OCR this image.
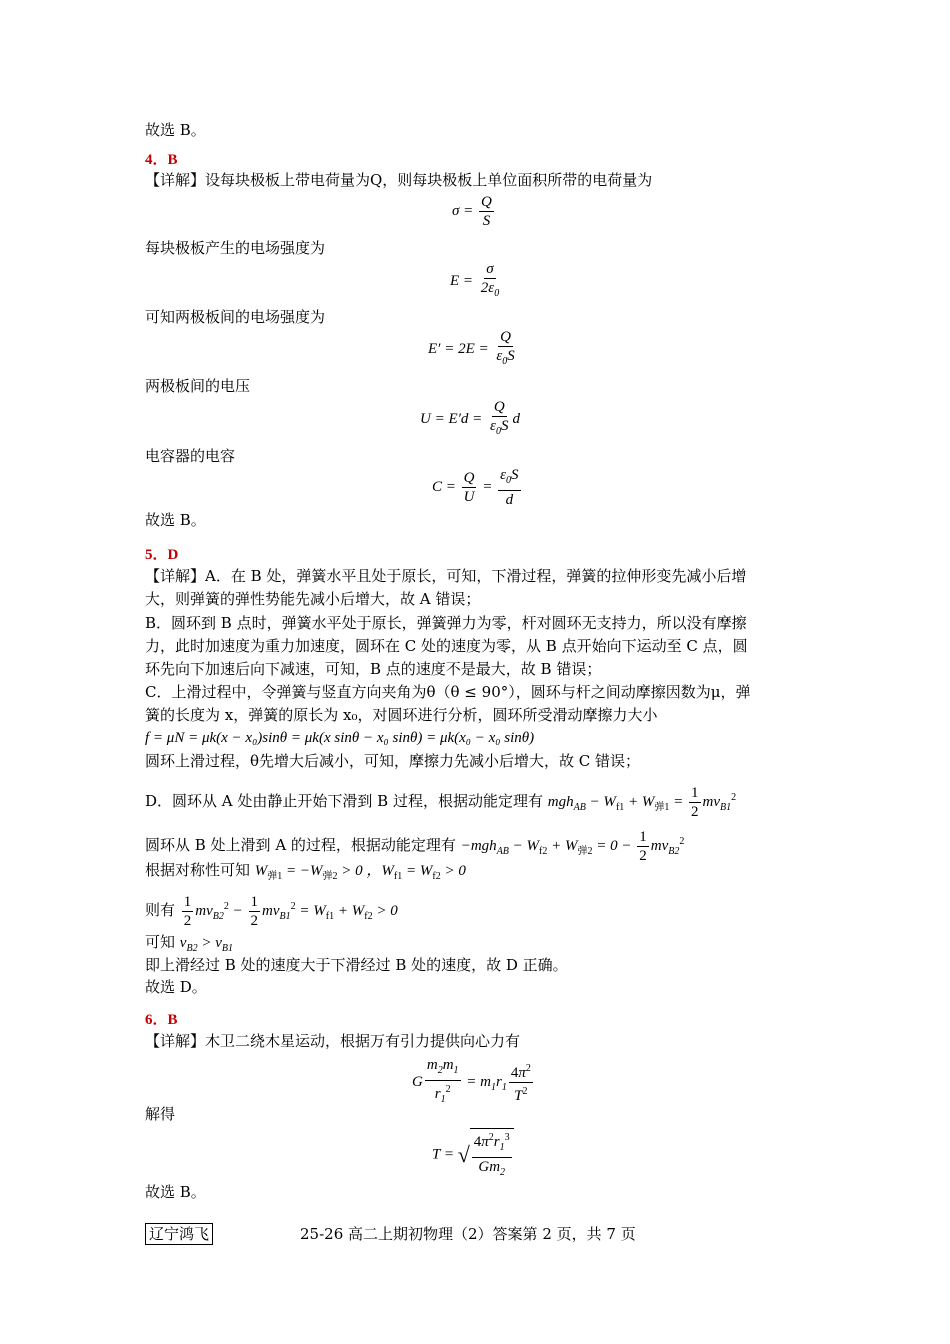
故选 B。
4．B
【详解】设每块极板上带电荷量为Q，则每块极板上单位面积所带的电荷量为
$\sigma = \frac{Q}{S}$
每块极板产生的电场强度为
$E = \frac{\sigma}{2\varepsilon_0}$
可知两极板间的电场强度为
$E' = 2E = \frac{Q}{\varepsilon_0S}$
两极板间的电压
$U = E'd = \frac{Q}{\varepsilon_0S}$ d
电容器的电容
$C = \frac{Q}{U} = \frac{\varepsilon_0S}{d}$
故选 B。
5．D
【详解】A．在 B 处，弹簧水平且处于原长，可知，下滑过程，弹簧的拉伸形变先减小后增
大，则弹簧的弹性势能先减小后增大，故 A 错误；
B．圆环到 B 点时，弹簧水平处于原长，弹簧弹力为零，杆对圆环无支持力，所以没有摩擦
力，此时加速度为重力加速度，圆环在 C 处的速度为零，从 B 点开始向下运动至 C 点，圆
环先向下加速后向下减速，可知，B 点的速度不是最大，故 B 错误；
C．上滑过程中，令弹簧与竖直方向夹角为θ（θ ≤ 90°），圆环与杆之间动摩擦因数为μ，弹
簧的长度为 x，弹簧的原长为 x₀，对圆环进行分析，圆环所受滑动摩擦力大小
f = μN = μk(x − x₀)sinθ = μk(x sinθ − x₀ sinθ) = μk(x₀ − x₀ sinθ)
圆环上滑过程，θ先增大后减小，可知，摩擦力先减小后增大，故 C 错误；
D．圆环从 A 处由静止开始下滑到 B 过程，根据动能定理有 $mgh_{AB} - W_{f1} + W_{弹1} = \frac{1}{2} mv_{B1}^2$
圆环从 B 处上滑到 A 的过程，根据动能定理有 $-mgh_{AB} - W_{f2} + W_{弹2} = 0 - \frac{1}{2} mv_{B2}^2$
根据对称性可知 $W_{弹1} = -W_{弹2} > 0$ ，$W_{f1} = W_{f2} > 0$
则有 $\frac{1}{2} mv_{B2}^2 - \frac{1}{2} mv_{B1}^2 = W_{f1} + W_{f2} > 0$
可知 $v_{B2} > v_{B1}$
即上滑经过 B 处的速度大于下滑经过 B 处的速度，故 D 正确。
故选 D。
6．B
【详解】木卫二绕木星运动，根据万有引力提供向心力有
G $\frac{m_2m_1}{r_1^2} = m_1r_1 \frac{4\pi^2}{T^2}$
解得
T = √ $\frac{4\pi^2r_1^3}{Gm_2}$
故选 B。
辽宁鸿飞	25-26 高二上期初物理（2）答案第 2 页，共 7 页
